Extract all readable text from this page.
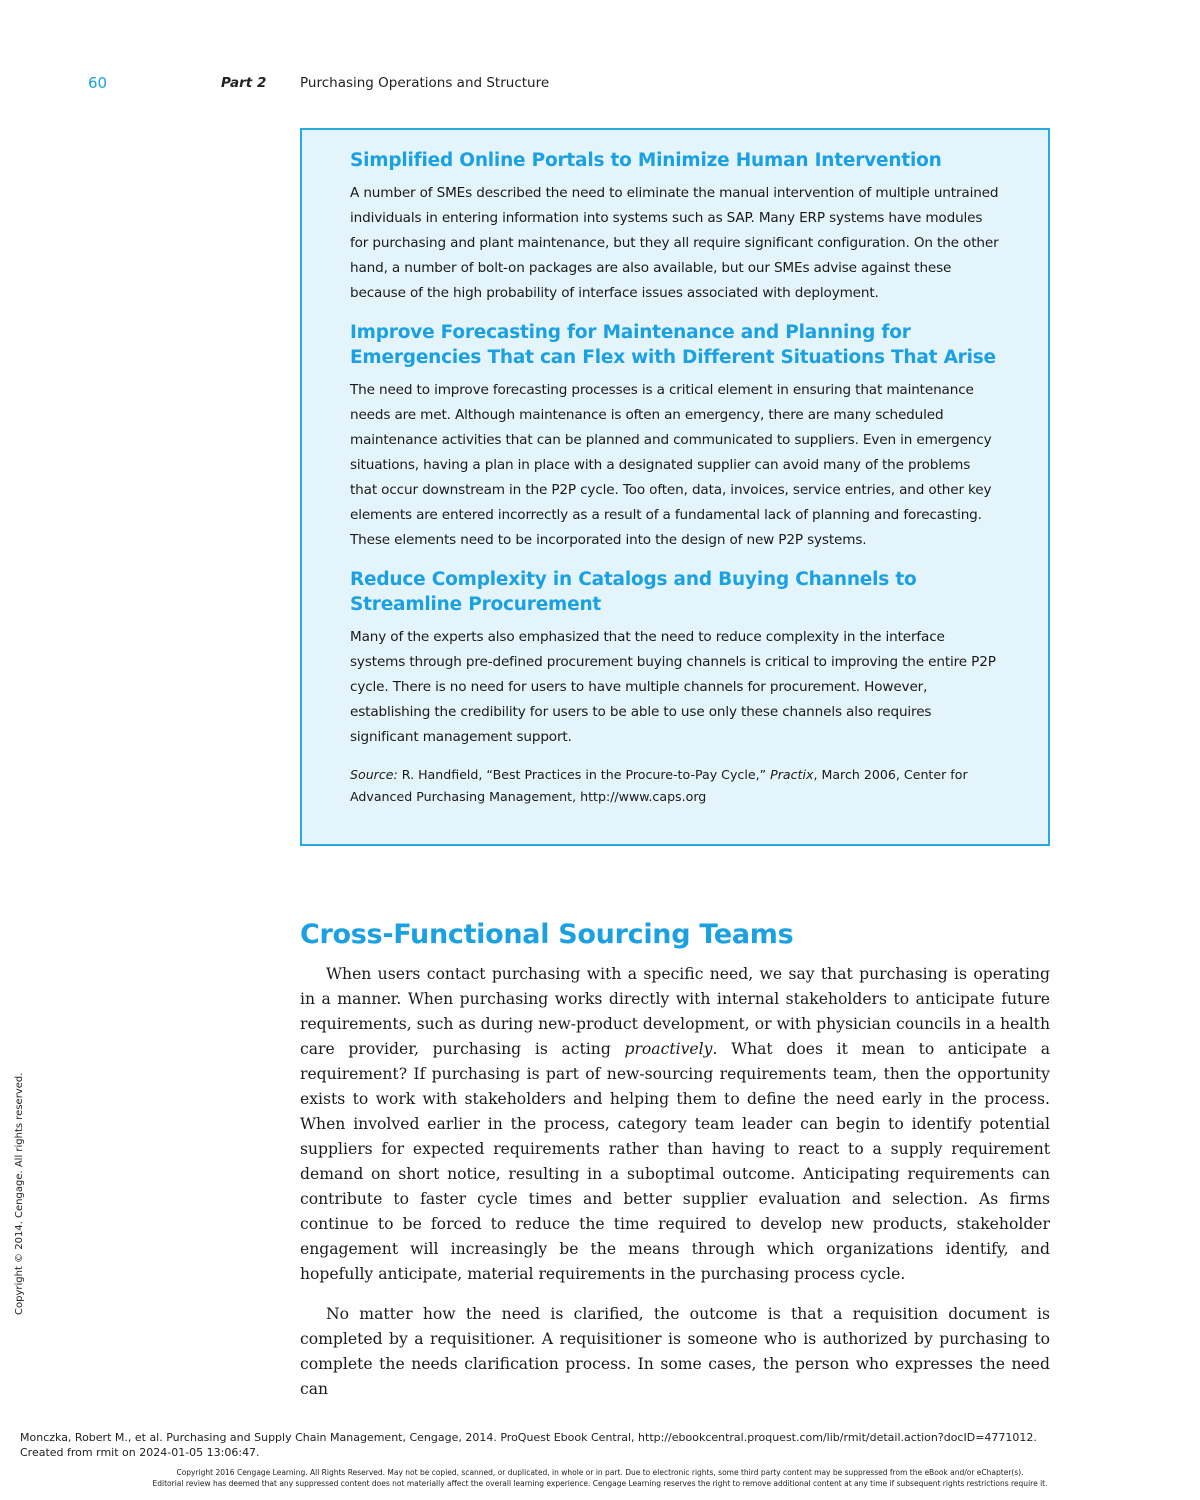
60	Part 2 Purchasing Operations and Structure
Simplified Online Portals to Minimize Human Intervention

A number of SMEs described the need to eliminate the manual intervention of multiple untrained individuals in entering information into systems such as SAP. Many ERP systems have modules for purchasing and plant maintenance, but they all require significant configuration. On the other hand, a number of bolt-on packages are also available, but our SMEs advise against these because of the high probability of interface issues associated with deployment.

Improve Forecasting for Maintenance and Planning for Emergencies That can Flex with Different Situations That Arise

The need to improve forecasting processes is a critical element in ensuring that maintenance needs are met. Although maintenance is often an emergency, there are many scheduled maintenance activities that can be planned and communicated to suppliers. Even in emergency situations, having a plan in place with a designated supplier can avoid many of the problems that occur downstream in the P2P cycle. Too often, data, invoices, service entries, and other key elements are entered incorrectly as a result of a fundamental lack of planning and forecasting. These elements need to be incorporated into the design of new P2P systems.

Reduce Complexity in Catalogs and Buying Channels to Streamline Procurement

Many of the experts also emphasized that the need to reduce complexity in the interface systems through pre-defined procurement buying channels is critical to improving the entire P2P cycle. There is no need for users to have multiple channels for procurement. However, establishing the credibility for users to be able to use only these channels also requires significant management support.

Source: R. Handfield, “Best Practices in the Procure-to-Pay Cycle,” Practix, March 2006, Center for Advanced Purchasing Management, http://www.caps.org

Cross-Functional Sourcing Teams

When users contact purchasing with a specific need, we say that purchasing is operating in a manner. When purchasing works directly with internal stakeholders to anticipate future requirements, such as during new-product development, or with physician councils in a health care provider, purchasing is acting proactively. What does it mean to anticipate a requirement? If purchasing is part of new-sourcing requirements team, then the opportunity exists to work with stakeholders and helping them to define the need early in the process. When involved earlier in the process, category team leader can begin to identify potential suppliers for expected requirements rather than having to react to a supply requirement demand on short notice, resulting in a suboptimal outcome. Anticipating requirements can contribute to faster cycle times and better supplier evaluation and selection. As firms continue to be forced to reduce the time required to develop new products, stakeholder engagement will increasingly be the means through which organizations identify, and hopefully anticipate, material requirements in the purchasing process cycle.

No matter how the need is clarified, the outcome is that a requisition document is completed by a requisitioner. A requisitioner is someone who is authorized by purchasing to complete the needs clarification process. In some cases, the person who expresses the need can

Copyright © 2014. Cengage. All rights reserved.
Monczka, Robert M., et al. Purchasing and Supply Chain Management, Cengage, 2014. ProQuest Ebook Central, http://ebookcentral.proquest.com/lib/rmit/detail.action?docID=4771012.
Created from rmit on 2024-01-05 13:06:47.
Copyright 2016 Cengage Learning. All Rights Reserved. May not be copied, scanned, or duplicated, in whole or in part. Due to electronic rights, some third party content may be suppressed from the eBook and/or eChapter(s).
Editorial review has deemed that any suppressed content does not materially affect the overall learning experience. Cengage Learning reserves the right to remove additional content at any time if subsequent rights restrictions require it.
